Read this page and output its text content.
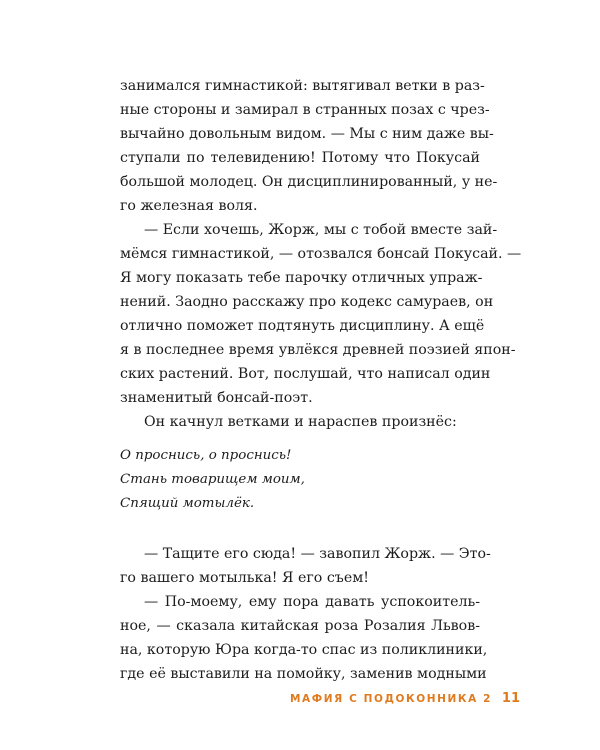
занимался гимнастикой: вытягивал ветки в раз-
ные стороны и замирал в странных позах с чрез-
вычайно довольным видом. — Мы с ним даже вы-
ступали по телевидению! Потому что Покусай
большой молодец. Он дисциплинированный, у не-
го железная воля.
— Если хочешь, Жорж, мы с тобой вместе зай-
мёмся гимнастикой, — отозвался бонсай Покусай. —
Я могу показать тебе парочку отличных упраж-
нений. Заодно расскажу про кодекс самураев, он
отлично поможет подтянуть дисциплину. А ещё
я в последнее время увлёкся древней поэзией япон-
ских растений. Вот, послушай, что написал один
знаменитый бонсай-поэт.
Он качнул ветками и нараспев произнёс:
О проснись, о проснись!
Стань товарищем моим,
Спящий мотылёк.
— Тащите его сюда! — завопил Жорж. — Это-
го вашего мотылька! Я его съем!
— По-моему, ему пора давать успокоитель-
ное, — сказала китайская роза Розалия Львов-
на, которую Юра когда-то спас из поликлиники,
где её выставили на помойку, заменив модными
МАФИЯ С ПОДОКОННИКА 2 11
